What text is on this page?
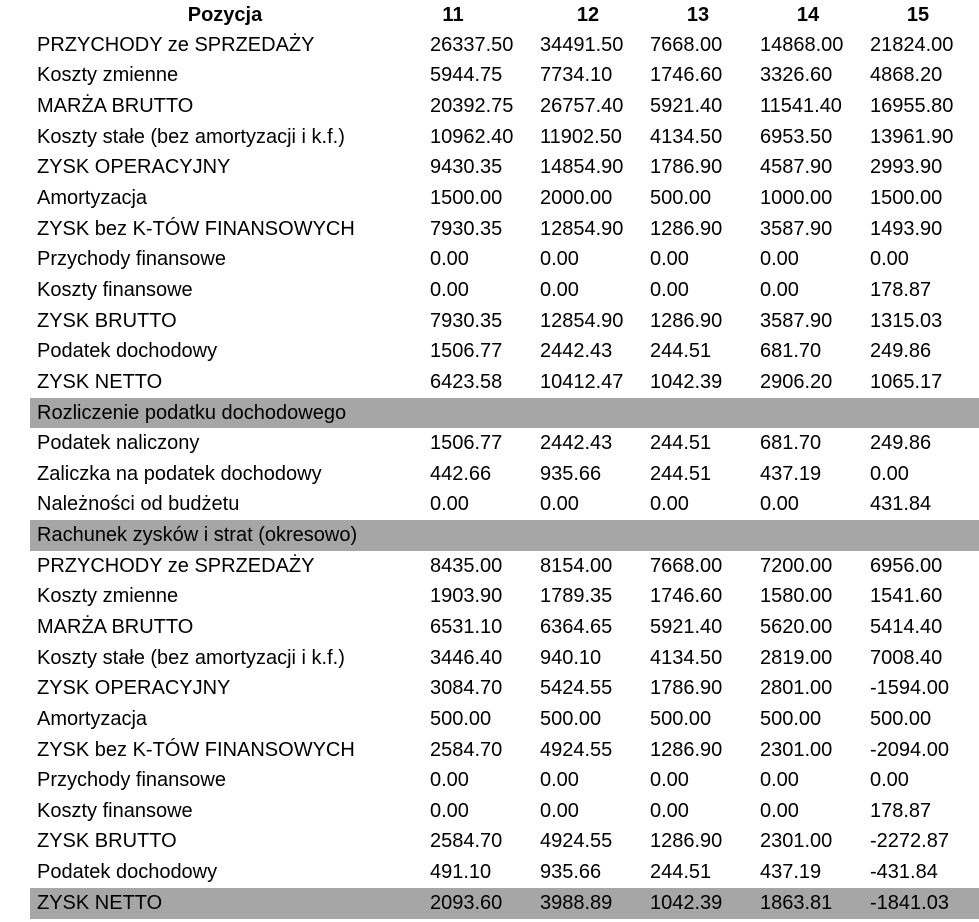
Pozycja	11	12	13	14	15
PRZYCHODY ze SPRZEDAŻY	26337.50 34491.50 7668.00 14868.00 21824.00
Koszty zmienne	5944.75 7734.10 1746.60 3326.60 4868.20
MARŻA BRUTTO	20392.75 26757.40 5921.40 11541.40 16955.80
Koszty stałe (bez amortyzacji i k.f.)	10962.40 11902.50 4134.50 6953.50 13961.90
ZYSK OPERACYJNY	9430.35 14854.90 1786.90 4587.90 2993.90
Amortyzacja	1500.00 2000.00 500.00 1000.00 1500.00
ZYSK bez K-TÓW FINANSOWYCH	7930.35 12854.90 1286.90 3587.90 1493.90
Przychody finansowe	0.00	0.00	0.00	0.00	0.00
Koszty finansowe	0.00	0.00	0.00	0.00	178.87
ZYSK BRUTTO	7930.35 12854.90 1286.90 3587.90 1315.03
Podatek dochodowy	1506.77 2442.43 244.51 681.70 249.86
ZYSK NETTO	6423.58 10412.47 1042.39 2906.20 1065.17
Rozliczenie podatku dochodowego
Podatek naliczony	1506.77 2442.43 244.51 681.70 249.86
Zaliczka na podatek dochodowy	442.66 935.66 244.51 437.19 0.00
Należności od budżetu	0.00	0.00	0.00	0.00	431.84
Rachunek zysków i strat (okresowo)
PRZYCHODY ze SPRZEDAŻY	8435.00 8154.00 7668.00 7200.00 6956.00
Koszty zmienne	1903.90 1789.35 1746.60 1580.00 1541.60
MARŻA BRUTTO	6531.10 6364.65 5921.40 5620.00 5414.40
Koszty stałe (bez amortyzacji i k.f.)	3446.40 940.10 4134.50 2819.00 7008.40
ZYSK OPERACYJNY	3084.70 5424.55 1786.90 2801.00 -1594.00
Amortyzacja	500.00 500.00 500.00 500.00 500.00
ZYSK bez K-TÓW FINANSOWYCH	2584.70 4924.55 1286.90 2301.00 -2094.00
Przychody finansowe	0.00	0.00	0.00	0.00	0.00
Koszty finansowe	0.00	0.00	0.00	0.00	178.87
ZYSK BRUTTO	2584.70 4924.55 1286.90 2301.00 -2272.87
Podatek dochodowy	491.10 935.66 244.51 437.19 -431.84
ZYSK NETTO	2093.60 3988.89 1042.39 1863.81 -1841.03
